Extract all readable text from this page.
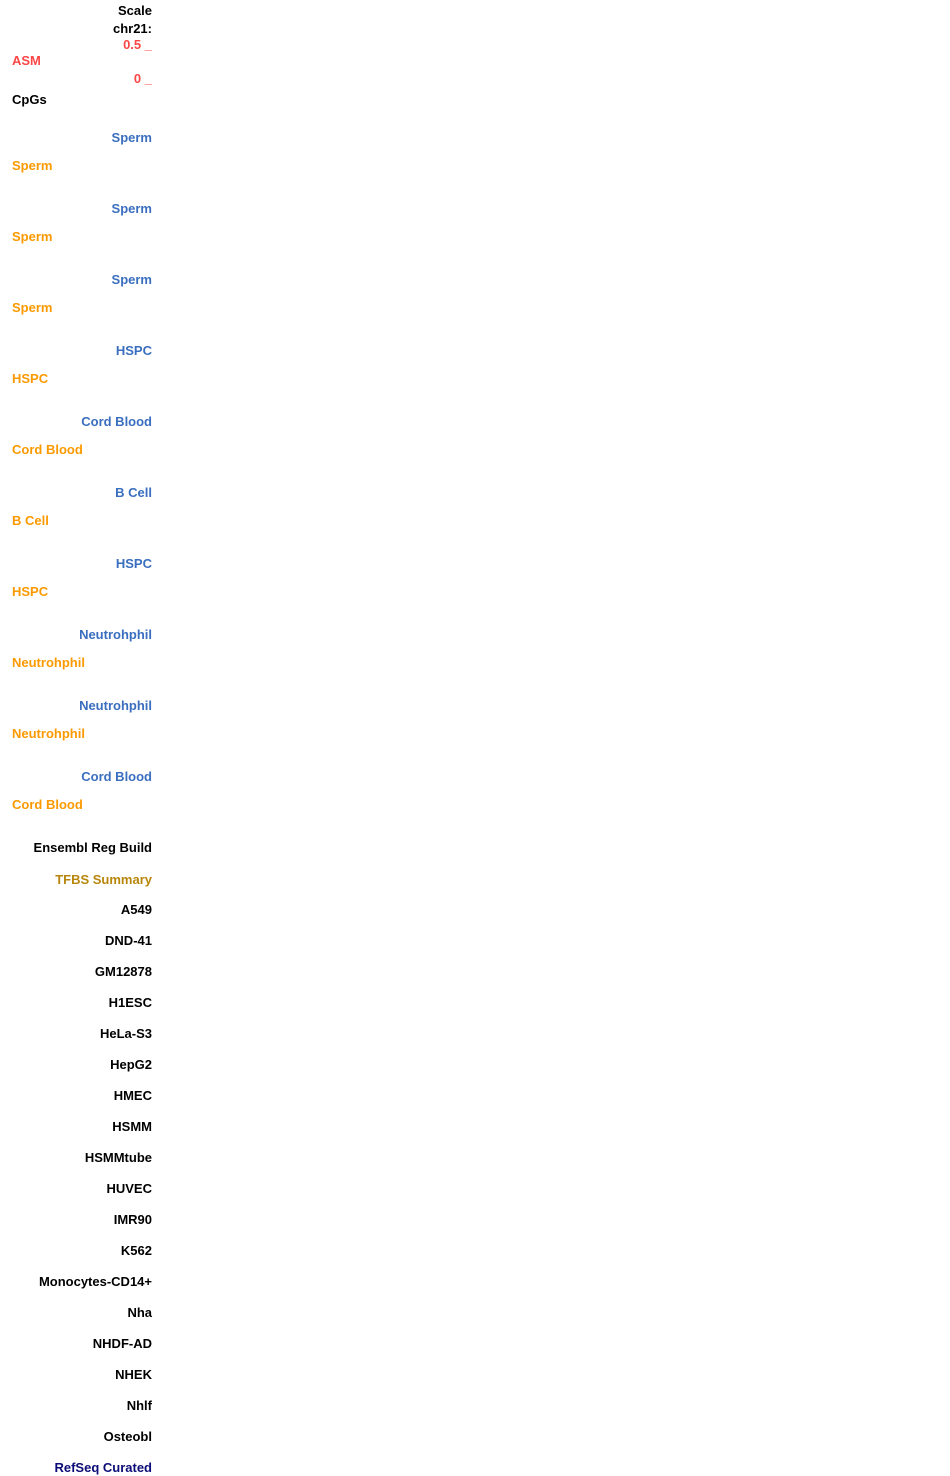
Scale
chr21:
0.5 _
ASM
0 _
CpGs
Sperm
Sperm
Sperm
Sperm
Sperm
Sperm
HSPC
HSPC
Cord Blood
Cord Blood
B Cell
B Cell
HSPC
HSPC
Neutrohphil
Neutrohphil
Neutrohphil
Neutrohphil
Cord Blood
Cord Blood
Ensembl Reg Build
TFBS Summary
A549
DND-41
GM12878
H1ESC
HeLa-S3
HepG2
HMEC
HSMM
HSMMtube
HUVEC
IMR90
K562
Monocytes-CD14+
Nha
NHDF-AD
NHEK
Nhlf
Osteobl
RefSeq Curated
